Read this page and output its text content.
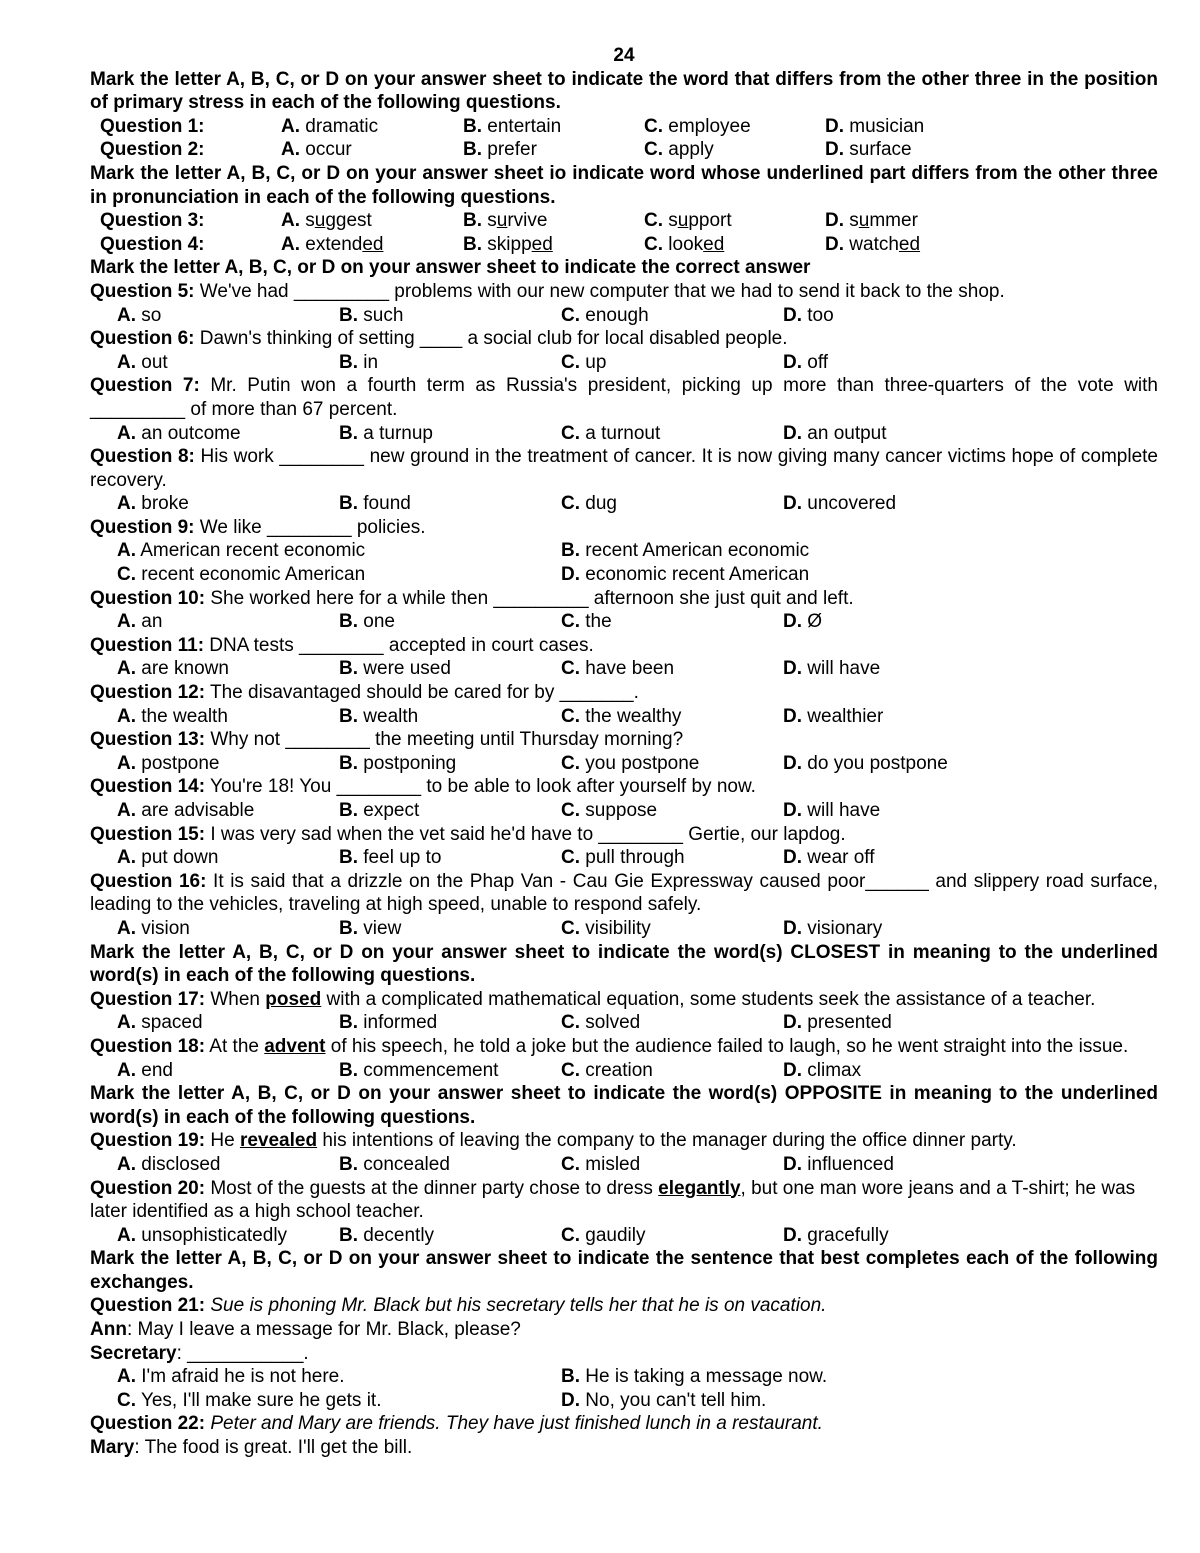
24
Mark the letter A, B, C, or D on your answer sheet to indicate the word that differs from the other three in the position of primary stress in each of the following questions.
Question 1:	A. dramatic	B. entertain	C. employee	D. musician
Question 2:	A. occur	B. prefer	C. apply	D. surface
Mark the letter A, B, C, or D on your answer sheet io indicate word whose underlined part differs from the other three in pronunciation in each of the following questions.
Question 3:	A. suggest	B. survive	C. support	D. summer
Question 4:	A. extended	B. skipped	C. looked	D. watched
Mark the letter A, B, C, or D on your answer sheet to indicate the correct answer
Question 5: We've had _________ problems with our new computer that we had to send it back to the shop.
A. so	B. such	C. enough	D. too
Question 6: Dawn's thinking of setting ____ a social club for local disabled people.
A. out	B. in	C. up	D. off
Question 7: Mr. Putin won a fourth term as Russia's president, picking up more than three-quarters of the vote with _________ of more than 67 percent.
A. an outcome	B. a turnup	C. a turnout	D. an output
Question 8: His work ________ new ground in the treatment of cancer. It is now giving many cancer victims hope of complete recovery.
A. broke	B. found	C. dug	D. uncovered
Question 9: We like ________ policies.
A. American recent economic	B. recent American economic
C. recent economic American	D. economic recent American
Question 10: She worked here for a while then _________ afternoon she just quit and left.
A. an	B. one	C. the	D. Ø
Question 11: DNA tests ________ accepted in court cases.
A. are known	B. were used	C. have been	D. will have
Question 12: The disavantaged should be cared for by _______.
A. the wealth	B. wealth	C. the wealthy	D. wealthier
Question 13: Why not ________ the meeting until Thursday morning?
A. postpone	B. postponing	C. you postpone	D. do you postpone
Question 14: You're 18! You ________ to be able to look after yourself by now.
A. are advisable	B. expect	C. suppose	D. will have
Question 15: I was very sad when the vet said he'd have to ________ Gertie, our lapdog.
A. put down	B. feel up to	C. pull through	D. wear off
Question 16: It is said that a drizzle on the Phap Van - Cau Gie Expressway caused poor______ and slippery road surface, leading to the vehicles, traveling at high speed, unable to respond safely.
A. vision	B. view	C. visibility	D. visionary
Mark the letter A, B, C, or D on your answer sheet to indicate the word(s) CLOSEST in meaning to the underlined word(s) in each of the following questions.
Question 17: When posed with a complicated mathematical equation, some students seek the assistance of a teacher.
A. spaced	B. informed	C. solved	D. presented
Question 18: At the advent of his speech, he told a joke but the audience failed to laugh, so he went straight into the issue.
A. end	B. commencement	C. creation	D. climax
Mark the letter A, B, C, or D on your answer sheet to indicate the word(s) OPPOSITE in meaning to the underlined word(s) in each of the following questions.
Question 19: He revealed his intentions of leaving the company to the manager during the office dinner party.
A. disclosed	B. concealed	C. misled	D. influenced
Question 20: Most of the guests at the dinner party chose to dress elegantly, but one man wore jeans and a T-shirt; he was later identified as a high school teacher.
A. unsophisticatedly	B. decently	C. gaudily	D. gracefully
Mark the letter A, B, C, or D on your answer sheet to indicate the sentence that best completes each of the following exchanges.
Question 21: Sue is phoning Mr. Black but his secretary tells her that he is on vacation.
Ann: May I leave a message for Mr. Black, please?
Secretary: ___________.
A. I'm afraid he is not here.	B. He is taking a message now.
C. Yes, I'll make sure he gets it.	D. No, you can't tell him.
Question 22: Peter and Mary are friends. They have just finished lunch in a restaurant.
Mary: The food is great. I'll get the bill.
